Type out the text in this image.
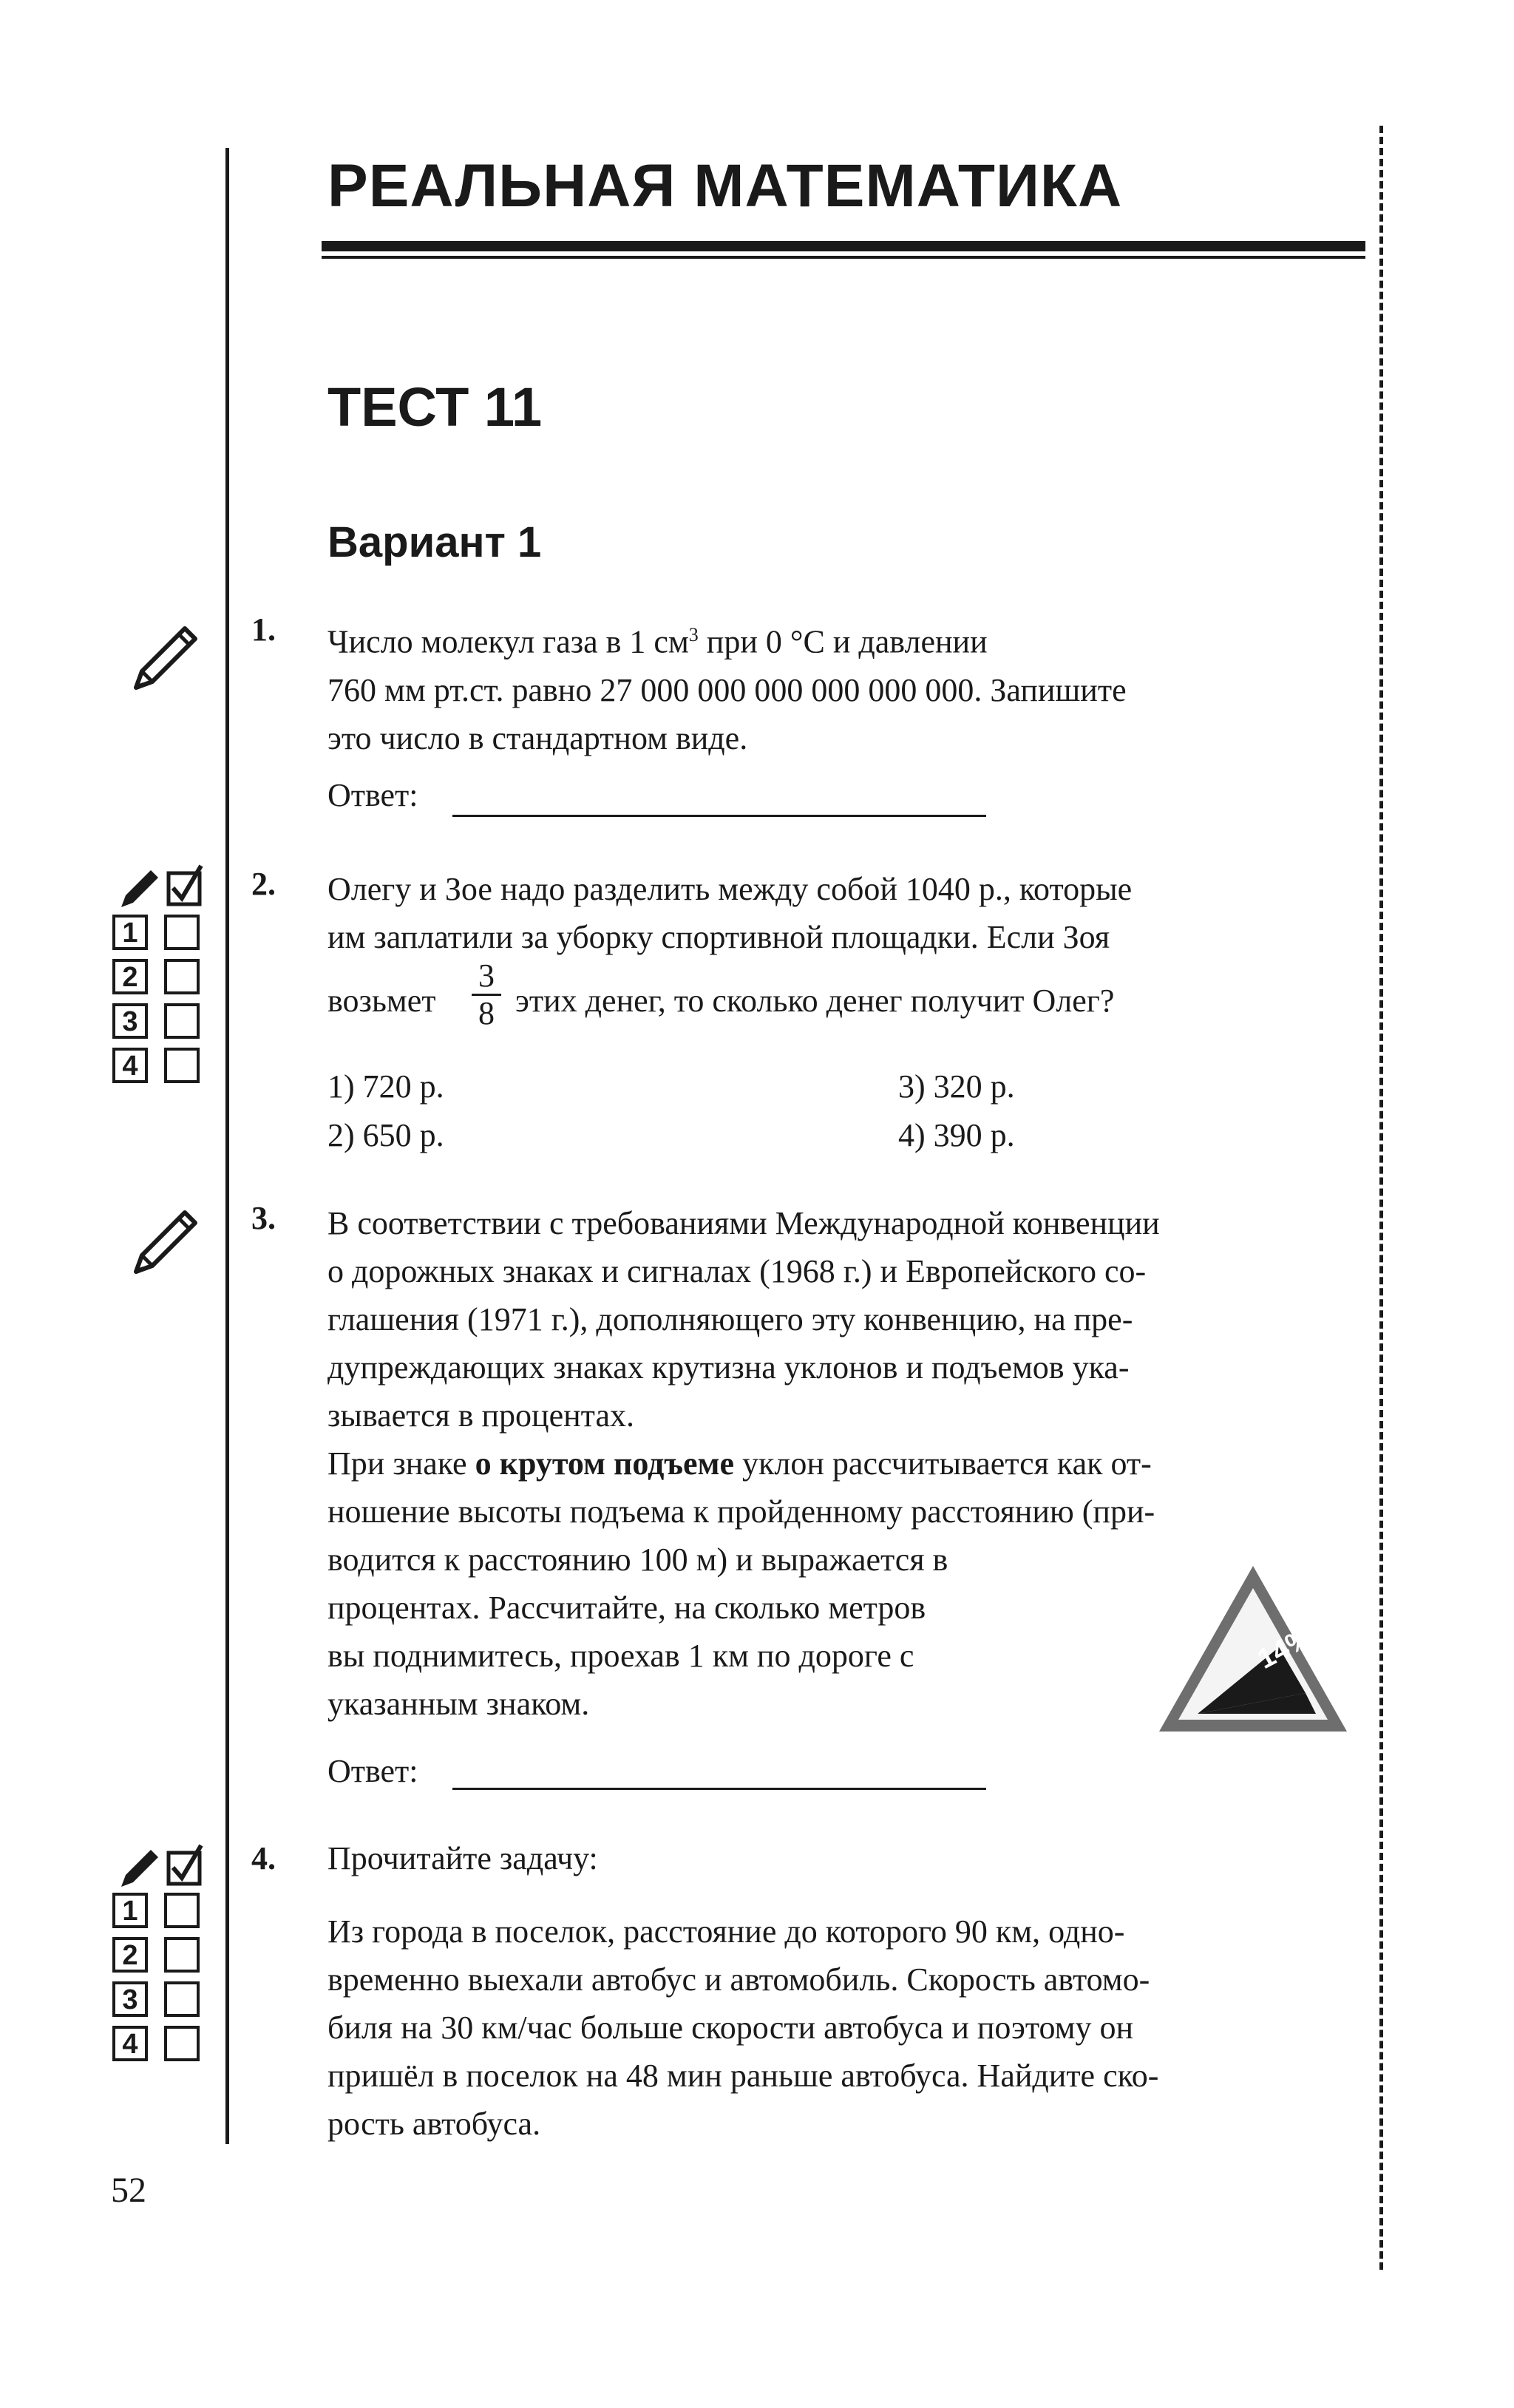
РЕАЛЬНАЯ МАТЕМАТИКА
ТЕСТ 11
Вариант 1
1. Число молекул газа в 1 $см^3$ при 0 °С и давлении
760 мм рт.ст. равно 27 000 000 000 000 000 000. Запишите
это число в стандартном виде.
Ответ:
1
2
3
4
2. Олегу и Зое надо разделить между собой 1040 р., которые
им заплатили за уборку спортивной площадки. Если Зоя
возьмет
3
8 этих денег, то сколько денег получит Олег?
1) 720 р.
2) 650 р.
3) 320 р.
4) 390 р.
3. В соответствии с требованиями Международной конвенции
о дорожных знаках и сигналах (1968 г.) и Европейского со-
глашения (1971 г.), дополняющего эту конвенцию, на пре-
дупреждающих знаках крутизна уклонов и подъемов ука-
зывается в процентах.
При знаке о крутом подъеме уклон рассчитывается как от-
ношение высоты подъема к пройденному расстоянию (при-
водится к расстоянию 100 м) и выражается в
процентах. Рассчитайте, на сколько метров
вы поднимитесь, проехав 1 км по дороге с
указанным знаком.
14%
Ответ:
1
2
3
4
4. Прочитайте задачу:
Из города в поселок, расстояние до которого 90 км, одно-
временно выехали автобус и автомобиль. Скорость автомо-
биля на 30 км/час больше скорости автобуса и поэтому он
пришёл в поселок на 48 мин раньше автобуса. Найдите ско-
рость автобуса.
52
